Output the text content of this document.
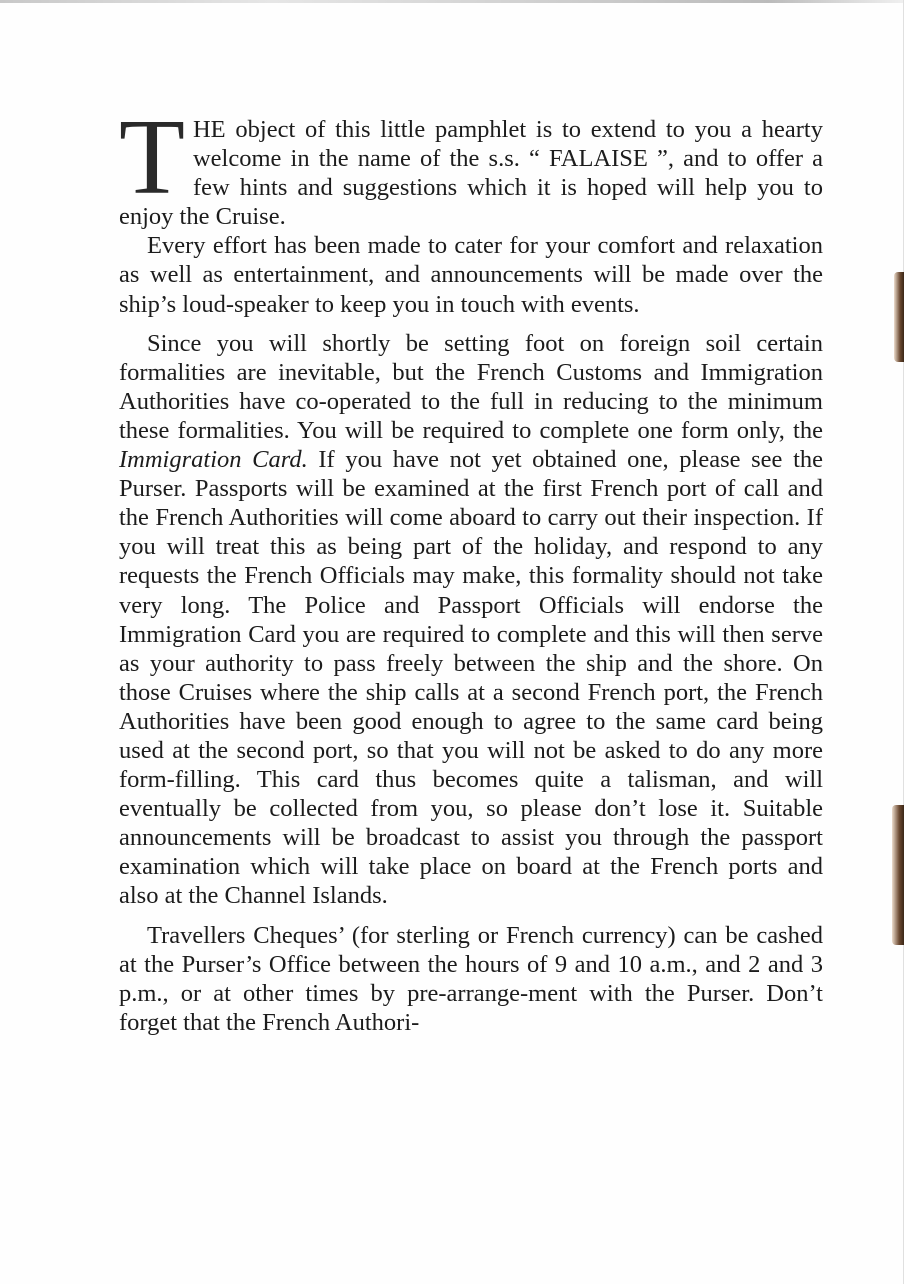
THE object of this little pamphlet is to extend to you a hearty welcome in the name of the s.s. “ FALAISE ”, and to offer a few hints and suggestions which it is hoped will help you to enjoy the Cruise.

Every effort has been made to cater for your comfort and relaxation as well as entertainment, and announcements will be made over the ship’s loud-speaker to keep you in touch with events.

Since you will shortly be setting foot on foreign soil certain formalities are inevitable, but the French Customs and Immigration Authorities have co-operated to the full in reducing to the minimum these formalities. You will be required to complete one form only, the Immigration Card. If you have not yet obtained one, please see the Purser. Passports will be examined at the first French port of call and the French Authorities will come aboard to carry out their inspection. If you will treat this as being part of the holiday, and respond to any requests the French Officials may make, this formality should not take very long. The Police and Passport Officials will endorse the Immigration Card you are required to complete and this will then serve as your authority to pass freely between the ship and the shore. On those Cruises where the ship calls at a second French port, the French Authorities have been good enough to agree to the same card being used at the second port, so that you will not be asked to do any more form-filling. This card thus becomes quite a talisman, and will eventually be collected from you, so please don’t lose it. Suitable announcements will be broadcast to assist you through the passport examination which will take place on board at the French ports and also at the Channel Islands.

Travellers Cheques’ (for sterling or French currency) can be cashed at the Purser’s Office between the hours of 9 and 10 a.m., and 2 and 3 p.m., or at other times by pre-arrange-ment with the Purser. Don’t forget that the French Authori-
